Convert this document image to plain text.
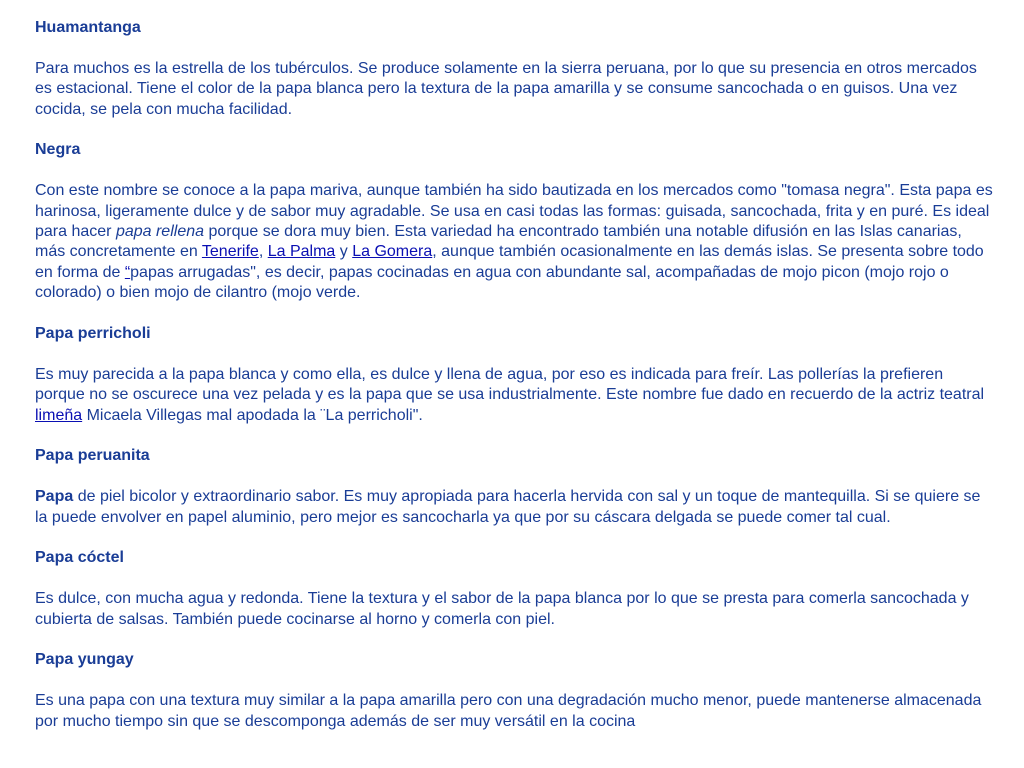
Huamantanga

Para muchos es la estrella de los tubérculos. Se produce solamente en la sierra peruana, por lo que su presencia en otros mercados es estacional. Tiene el color de la papa blanca pero la textura de la papa amarilla y se consume sancochada o en guisos. Una vez cocida, se pela con mucha facilidad.

Negra

Con este nombre se conoce a la papa mariva, aunque también ha sido bautizada en los mercados como "tomasa negra". Esta papa es harinosa, ligeramente dulce y de sabor muy agradable. Se usa en casi todas las formas: guisada, sancochada, frita y en puré. Es ideal para hacer papa rellena porque se dora muy bien. Esta variedad ha encontrado también una notable difusión en las Islas canarias, más concretamente en Tenerife, La Palma y La Gomera, aunque también ocasionalmente en las demás islas. Se presenta sobre todo en forma de “papas arrugadas", es decir, papas cocinadas en agua con abundante sal, acompañadas de mojo picon (mojo rojo o colorado) o bien mojo de cilantro (mojo verde.

Papa perricholi

Es muy parecida a la papa blanca y como ella, es dulce y llena de agua, por eso es indicada para freír. Las pollerías la prefieren porque no se oscurece una vez pelada y es la papa que se usa industrialmente. Este nombre fue dado en recuerdo de la actriz teatral limeña Micaela Villegas mal apodada la ¨La perricholi".

Papa peruanita

Papa de piel bicolor y extraordinario sabor. Es muy apropiada para hacerla hervida con sal y un toque de mantequilla. Si se quiere se la puede envolver en papel aluminio, pero mejor es sancocharla ya que por su cáscara delgada se puede comer tal cual.

Papa cóctel

Es dulce, con mucha agua y redonda. Tiene la textura y el sabor de la papa blanca por lo que se presta para comerla sancochada y cubierta de salsas. También puede cocinarse al horno y comerla con piel.

Papa yungay

Es una papa con una textura muy similar a la papa amarilla pero con una degradación mucho menor, puede mantenerse almacenada por mucho tiempo sin que se descomponga además de ser muy versátil en la cocina
